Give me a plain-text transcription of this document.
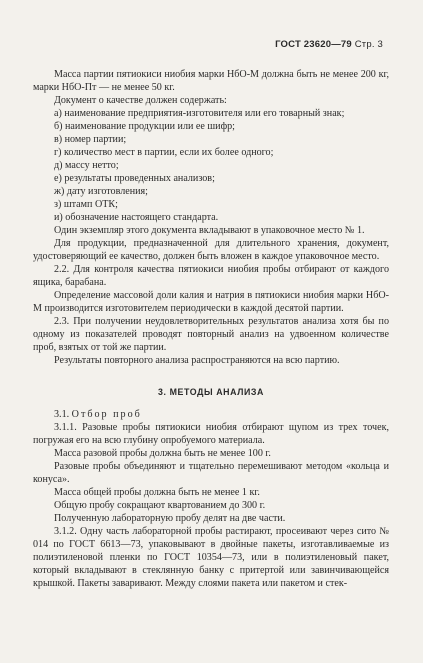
ГОСТ 23620—79 Стр. 3

Масса партии пятиокиси ниобия марки НбО-М должна быть не менее 200 кг, марки НбО-Пт — не менее 50 кг.

Документ о качестве должен содержать:

а) наименование предприятия-изготовителя или его товарный знак;

б) наименование продукции или ее шифр;

в) номер партии;

г) количество мест в партии, если их более одного;

д) массу нетто;

е) результаты проведенных анализов;

ж) дату изготовления;

з) штамп ОТК;

и) обозначение настоящего стандарта.

Один экземпляр этого документа вкладывают в упаковочное место № 1.

Для продукции, предназначенной для длительного хранения, документ, удостоверяющий ее качество, должен быть вложен в каждое упаковочное место.

2.2. Для контроля качества пятиокиси ниобия пробы отбирают от каждого ящика, барабана.

Определение массовой доли калия и натрия в пятиокиси ниобия марки НбО-М производится изготовителем периодически в каждой десятой партии.

2.3. При получении неудовлетворительных результатов анализа хотя бы по одному из показателей проводят повторный анализ на удвоенном количестве проб, взятых от той же партии.

Результаты повторного анализа распространяются на всю партию.

3. МЕТОДЫ АНАЛИЗА

3.1. Отбор проб

3.1.1. Разовые пробы пятиокиси ниобия отбирают щупом из трех точек, погружая его на всю глубину опробуемого материала.

Масса разовой пробы должна быть не менее 100 г.

Разовые пробы объединяют и тщательно перемешивают методом «кольца и конуса».

Масса общей пробы должна быть не менее 1 кг.

Общую пробу сокращают квартованием до 300 г.

Полученную лабораторную пробу делят на две части.

3.1.2. Одну часть лабораторной пробы растирают, просеивают через сито № 014 по ГОСТ 6613—73, упаковывают в двойные пакеты, изготавливаемые из полиэтиленовой пленки по ГОСТ 10354—73, или в полиэтиленовый пакет, который вкладывают в стеклянную банку с притертой или завинчивающейся крышкой. Пакеты заваривают. Между слоями пакета или пакетом и стек-
